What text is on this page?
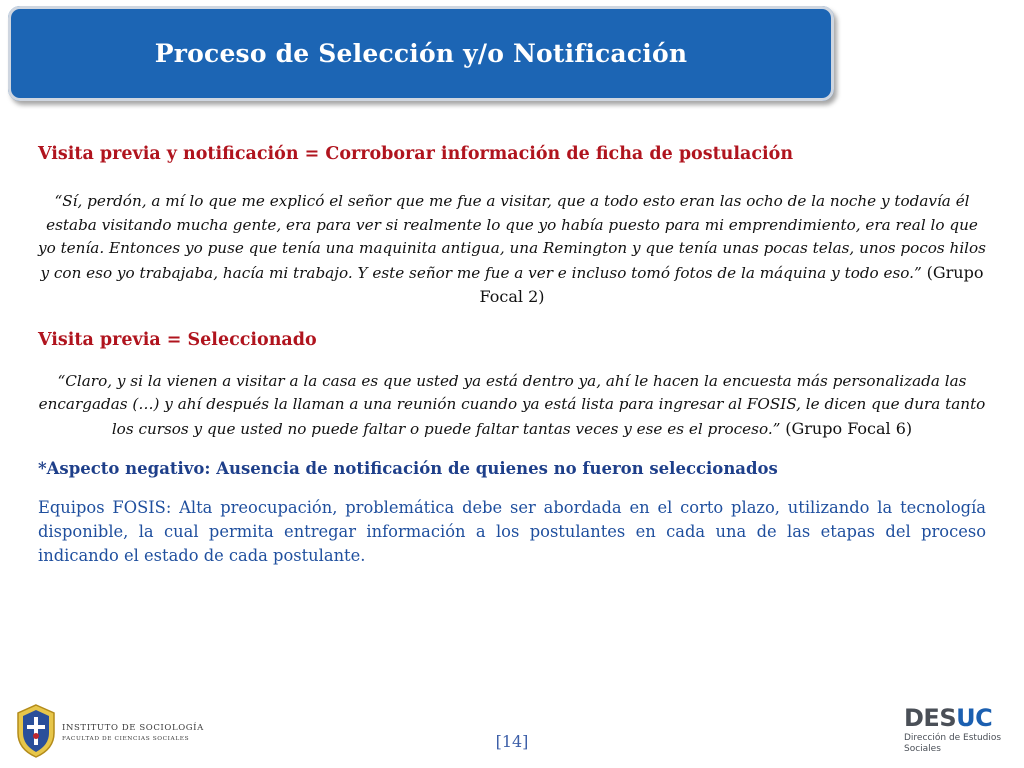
Proceso de Selección y/o Notificación

Visita previa y notificación = Corroborar información de ficha de postulación

“Sí, perdón, a mí lo que me explicó el señor que me fue a visitar, que a todo esto eran las ocho de la noche y todavía él estaba visitando mucha gente, era para ver si realmente lo que yo había puesto para mi emprendimiento, era real lo que yo tenía. Entonces yo puse que tenía una maquinita antigua, una Remington y que tenía unas pocas telas, unos pocos hilos y con eso yo trabajaba, hacía mi trabajo. Y este señor me fue a ver e incluso tomó fotos de la máquina y todo eso.” (Grupo Focal 2)

Visita previa = Seleccionado

“Claro, y si la vienen a visitar a la casa es que usted ya está dentro ya, ahí le hacen la encuesta más personalizada las encargadas (…) y ahí después la llaman a una reunión cuando ya está lista para ingresar al FOSIS, le dicen que dura tanto los cursos y que usted no puede faltar o puede faltar tantas veces y ese es el proceso.” (Grupo Focal 6)

*Aspecto negativo: Ausencia de notificación de quienes no fueron seleccionados

Equipos FOSIS: Alta preocupación, problemática debe ser abordada en el corto plazo, utilizando la tecnología disponible, la cual permita entregar información a los postulantes en cada una de las etapas del proceso indicando el estado de cada postulante.

INSTITUTO DE SOCIOLOGÍA
FACULTAD DE CIENCIAS SOCIALES	[14]
DESUC
Dirección de Estudios
Sociales
